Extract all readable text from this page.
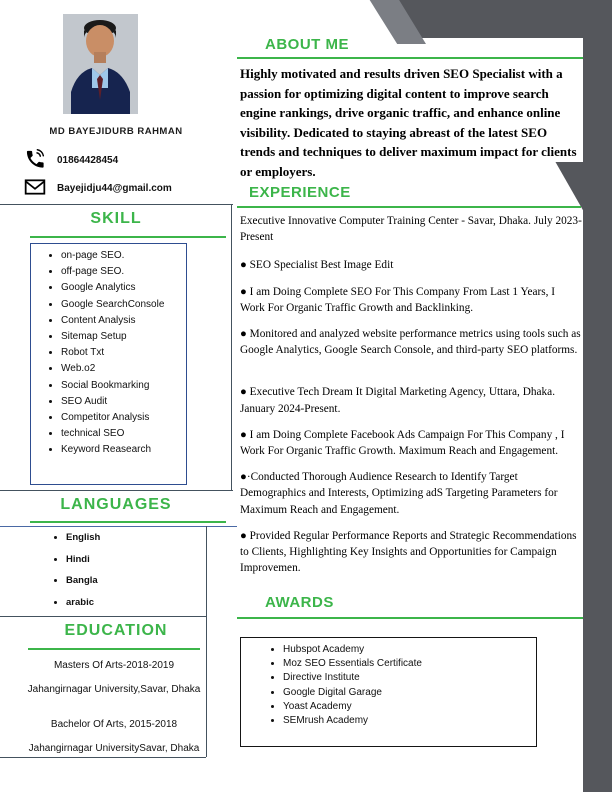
MD BAYEJIDURB RAHMAN
01864428454
Bayejidju44@gmail.com
SKILL
• on-page SEO.
• off-page SEO.
• Google Analytics
• Google SearchConsole
• Content Analysis
• Sitemap Setup
• Robot Txt
• Web.o2
• Social Bookmarking
• SEO Audit
• Competitor Analysis
• technical SEO
• Keyword Reasearch
LANGUAGES
• English
• Hindi
• Bangla
• arabic
EDUCATION
Masters Of Arts-2018-2019
Jahangirnagar University,Savar, Dhaka
Bachelor Of Arts, 2015-2018
Jahangirnagar UniversitySavar, Dhaka
ABOUT ME
Highly motivated and results driven SEO Specialist with a passion for optimizing digital content to improve search engine rankings, drive organic traffic, and enhance online visibility. Dedicated to staying abreast of the latest SEO trends and techniques to deliver maximum impact for clients or employers.
EXPERIENCE

Executive Innovative Computer Training Center - Savar, Dhaka. July 2023-Present

● SEO Specialist Best Image Edit

● I am Doing Complete SEO For This Company From Last 1 Years, I Work For Organic Traffic Growth and Backlinking.

● Monitored and analyzed website performance metrics using tools such as Google Analytics, Google Search Console, and third-party SEO platforms.

● Executive Tech Dream It Digital Marketing Agency, Uttara, Dhaka. January 2024-Present.

● I am Doing Complete Facebook Ads Campaign For This Company , I Work For Organic Traffic Growth. Maximum Reach and Engagement.

●·Conducted Thorough Audience Research to Identify Target Demographics and Interests, Optimizing adS Targeting Parameters for Maximum Reach and Engagement.

● Provided Regular Performance Reports and Strategic Recommendations to Clients, Highlighting Key Insights and Opportunities for Campaign Improvemen.

AWARDS
• Hubspot Academy
• Moz SEO Essentials Certificate
• Directive Institute
• Google Digital Garage
• Yoast Academy
• SEMrush Academy
